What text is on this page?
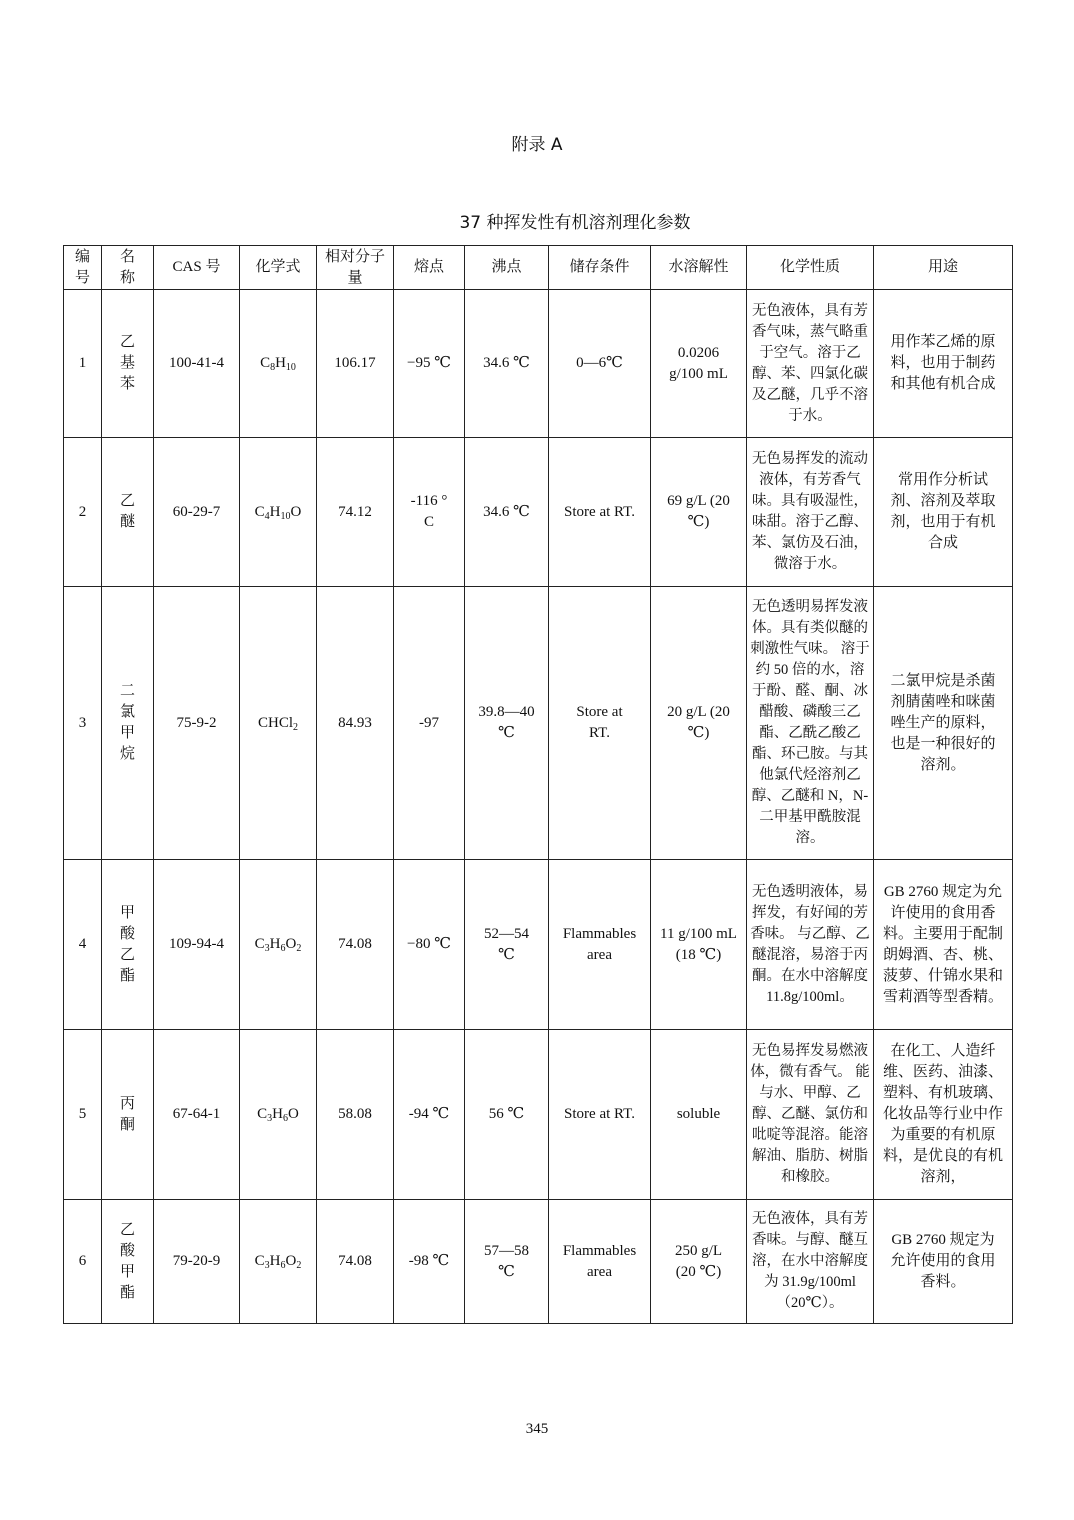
附录 A
37 种挥发性有机溶剂理化参数
编号	名称	CAS 号	化学式	相对分子量	熔点	沸点	储存条件	水溶解性	化学性质	用途
1	乙基苯	100-41-4	$C_8H_{10}$	106.17	−95 ℃	34.6 ℃	0—6℃	0.0206 g/100 mL	无色液体，具有芳香气味，蒸气略重于空气。溶于乙醇、苯、四氯化碳及乙醚，几乎不溶于水。	用作苯乙烯的原料，也用于制药和其他有机合成
2	乙醚	60-29-7	$C_4H_{10}O$	74.12	-116 ° C	34.6 ℃	Store at RT.	69 g/L (20 ℃)	无色易挥发的流动液体，有芳香气味。具有吸湿性，味甜。溶于乙醇、苯、氯仿及石油，微溶于水。	常用作分析试剂、溶剂及萃取剂，也用于有机合成
3	二氯甲烷	75-9-2	CHCl$_2$	84.93	-97	39.8—40 ℃	Store at RT.	20 g/L (20 ℃)	无色透明易挥发液体。具有类似醚的刺激性气味。 溶于约 50 倍的水，溶于酚、醛、酮、冰醋酸、磷酸三乙酯、乙酰乙酸乙酯、环己胺。与其他氯代烃溶剂乙醇、乙醚和 N，N-二甲基甲酰胺混溶。	二氯甲烷是杀菌剂腈菌唑和咪菌唑生产的原料，也是一种很好的溶剂。
4	甲酸乙酯	109-94-4	$C_3H_6O_2$	74.08	−80 ℃	52—54 ℃	Flammables area	11 g/100 mL (18 ℃)	无色透明液体，易挥发，有好闻的芳香味。 与乙醇、乙醚混溶，易溶于丙酮。在水中溶解度 11.8g/100ml。	GB 2760 规定为允许使用的食用香料。主要用于配制朗姆酒、杏、桃、菠萝、什锦水果和雪莉酒等型香精。
5	丙酮	67-64-1	$C_3H_6O$	58.08	-94 ℃	56 ℃	Store at RT.	soluble	无色易挥发易燃液体，微有香气。 能与水、甲醇、乙醇、乙醚、氯仿和吡啶等混溶。能溶解油、脂肪、树脂和橡胶。	在化工、人造纤维、医药、油漆、塑料、有机玻璃、化妆品等行业中作为重要的有机原料，是优良的有机溶剂，
6	乙酸甲酯	79-20-9	$C_3H_6O_2$	74.08	-98 ℃	57—58 ℃	Flammables area	250 g/L (20 ℃)	无色液体，具有芳香味。与醇、醚互溶，在水中溶解度为 31.9g/100ml （20℃）。	GB 2760 规定为允许使用的食用香料。
345
